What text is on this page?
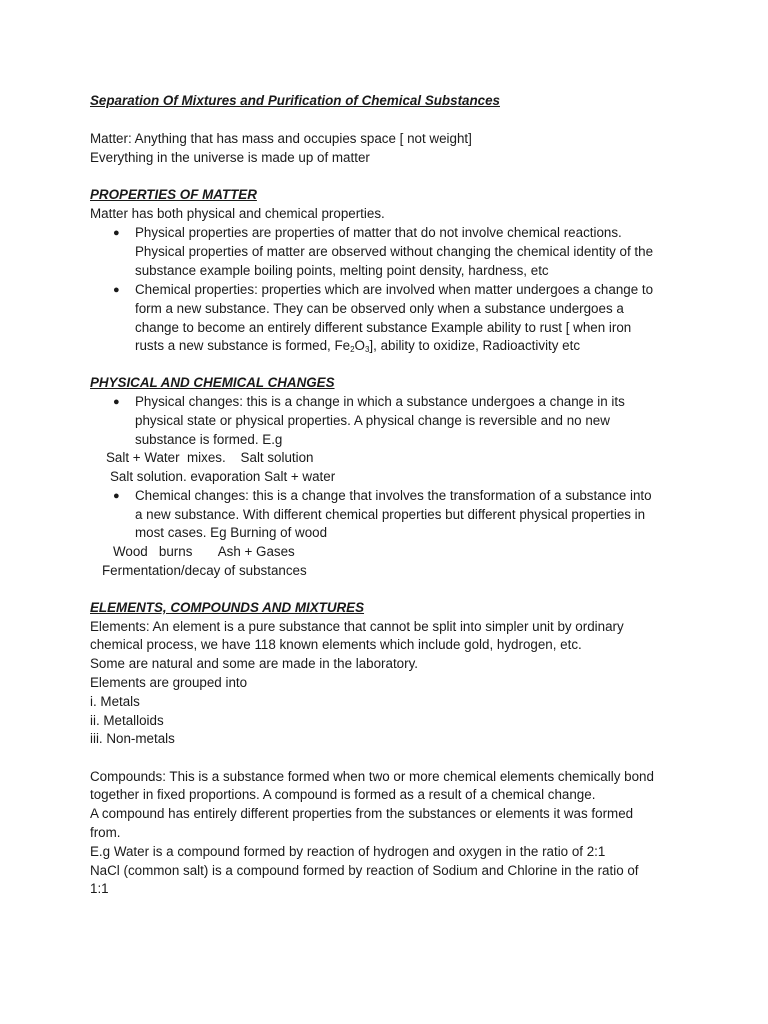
Separation Of Mixtures and Purification of Chemical Substances
Matter: Anything that has mass and occupies space [ not weight]
Everything in the universe is made up of matter
PROPERTIES OF MATTER
Matter has both physical and chemical properties.
● Physical properties are properties of matter that do not involve chemical reactions.
Physical properties of matter are observed without changing the chemical identity of the
substance example boiling points, melting point density, hardness, etc
● Chemical properties: properties which are involved when matter undergoes a change to
form a new substance. They can be observed only when a substance undergoes a
change to become an entirely different substance Example ability to rust [ when iron
rusts a new substance is formed, $Fe_2O_3$], ability to oxidize, Radioactivity etc
PHYSICAL AND CHEMICAL CHANGES
● Physical changes: this is a change in which a substance undergoes a change in its
physical state or physical properties. A physical change is reversible and no new
substance is formed. E.g
Salt + Water  mixes.    Salt solution
Salt solution. evaporation Salt + water
● Chemical changes: this is a change that involves the transformation of a substance into
a new substance. With different chemical properties but different physical properties in
most cases. Eg Burning of wood
Wood   burns       Ash + Gases
Fermentation/decay of substances
ELEMENTS, COMPOUNDS AND MIXTURES
Elements: An element is a pure substance that cannot be split into simpler unit by ordinary
chemical process, we have 118 known elements which include gold, hydrogen, etc.
Some are natural and some are made in the laboratory.
Elements are grouped into
i. Metals
ii. Metalloids
iii. Non-metals
Compounds: This is a substance formed when two or more chemical elements chemically bond
together in fixed proportions. A compound is formed as a result of a chemical change.
A compound has entirely different properties from the substances or elements it was formed
from.
E.g Water is a compound formed by reaction of hydrogen and oxygen in the ratio of 2:1
NaCl (common salt) is a compound formed by reaction of Sodium and Chlorine in the ratio of
1:1
